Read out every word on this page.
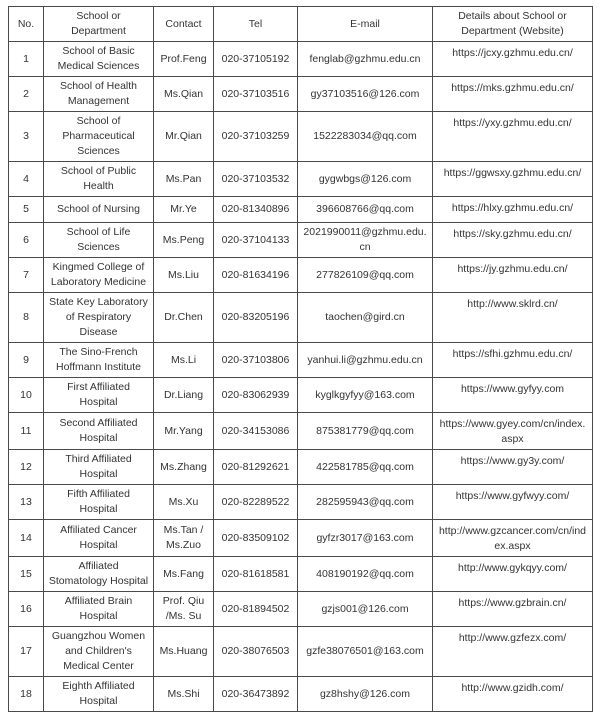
No.	School or Department	Contact	Tel	E-mail	Details about School or Department (Website)
1	School of Basic Medical Sciences	Prof.Feng	020-37105192	fenglab@gzhmu.edu.cn	https://jcxy.gzhmu.edu.cn/
2	School of Health Management	Ms.Qian	020-37103516	gy37103516@126.com	https://mks.gzhmu.edu.cn/
3	School of Pharmaceutical Sciences	Mr.Qian	020-37103259	1522283034@qq.com	https://yxy.gzhmu.edu.cn/
4	School of Public Health	Ms.Pan	020-37103532	gygwbgs@126.com	https://ggwsxy.gzhmu.edu.cn/
5	School of Nursing	Mr.Ye	020-81340896	396608766@qq.com	https://hlxy.gzhmu.edu.cn/
6	School of Life Sciences	Ms.Peng	020-37104133	2021990011@gzhmu.edu.cn	https://sky.gzhmu.edu.cn/
7	Kingmed College of Laboratory Medicine	Ms.Liu	020-81634196	277826109@qq.com	https://jy.gzhmu.edu.cn/
8	State Key Laboratory of Respiratory Disease	Dr.Chen	020-83205196	taochen@gird.cn	http://www.sklrd.cn/
9	The Sino-French Hoffmann Institute	Ms.Li	020-37103806	yanhui.li@gzhmu.edu.cn	https://sfhi.gzhmu.edu.cn/
10	First Affiliated Hospital	Dr.Liang	020-83062939	kyglkgyfyy@163.com	https://www.gyfyy.com
11	Second Affiliated Hospital	Mr.Yang	020-34153086	875381779@qq.com	https://www.gyey.com/cn/index.aspx
12	Third Affiliated Hospital	Ms.Zhang	020-81292621	422581785@qq.com	https://www.gy3y.com/
13	Fifth Affiliated Hospital	Ms.Xu	020-82289522	282595943@qq.com	https://www.gyfwyy.com/
14	Affiliated Cancer Hospital	Ms.Tan / Ms.Zuo	020-83509102	gyfzr3017@163.com	http://www.gzcancer.com/cn/index.aspx
15	Affiliated Stomatology Hospital	Ms.Fang	020-81618581	408190192@qq.com	http://www.gykqyy.com/
16	Affiliated Brain Hospital	Prof. Qiu /Ms. Su	020-81894502	gzjs001@126.com	https://www.gzbrain.cn/
17	Guangzhou Women and Children's Medical Center	Ms.Huang	020-38076503	gzfe38076501@163.com	http://www.gzfezx.com/
18	Eighth Affiliated Hospital	Ms.Shi	020-36473892	gz8hshy@126.com	http://www.gzidh.com/
